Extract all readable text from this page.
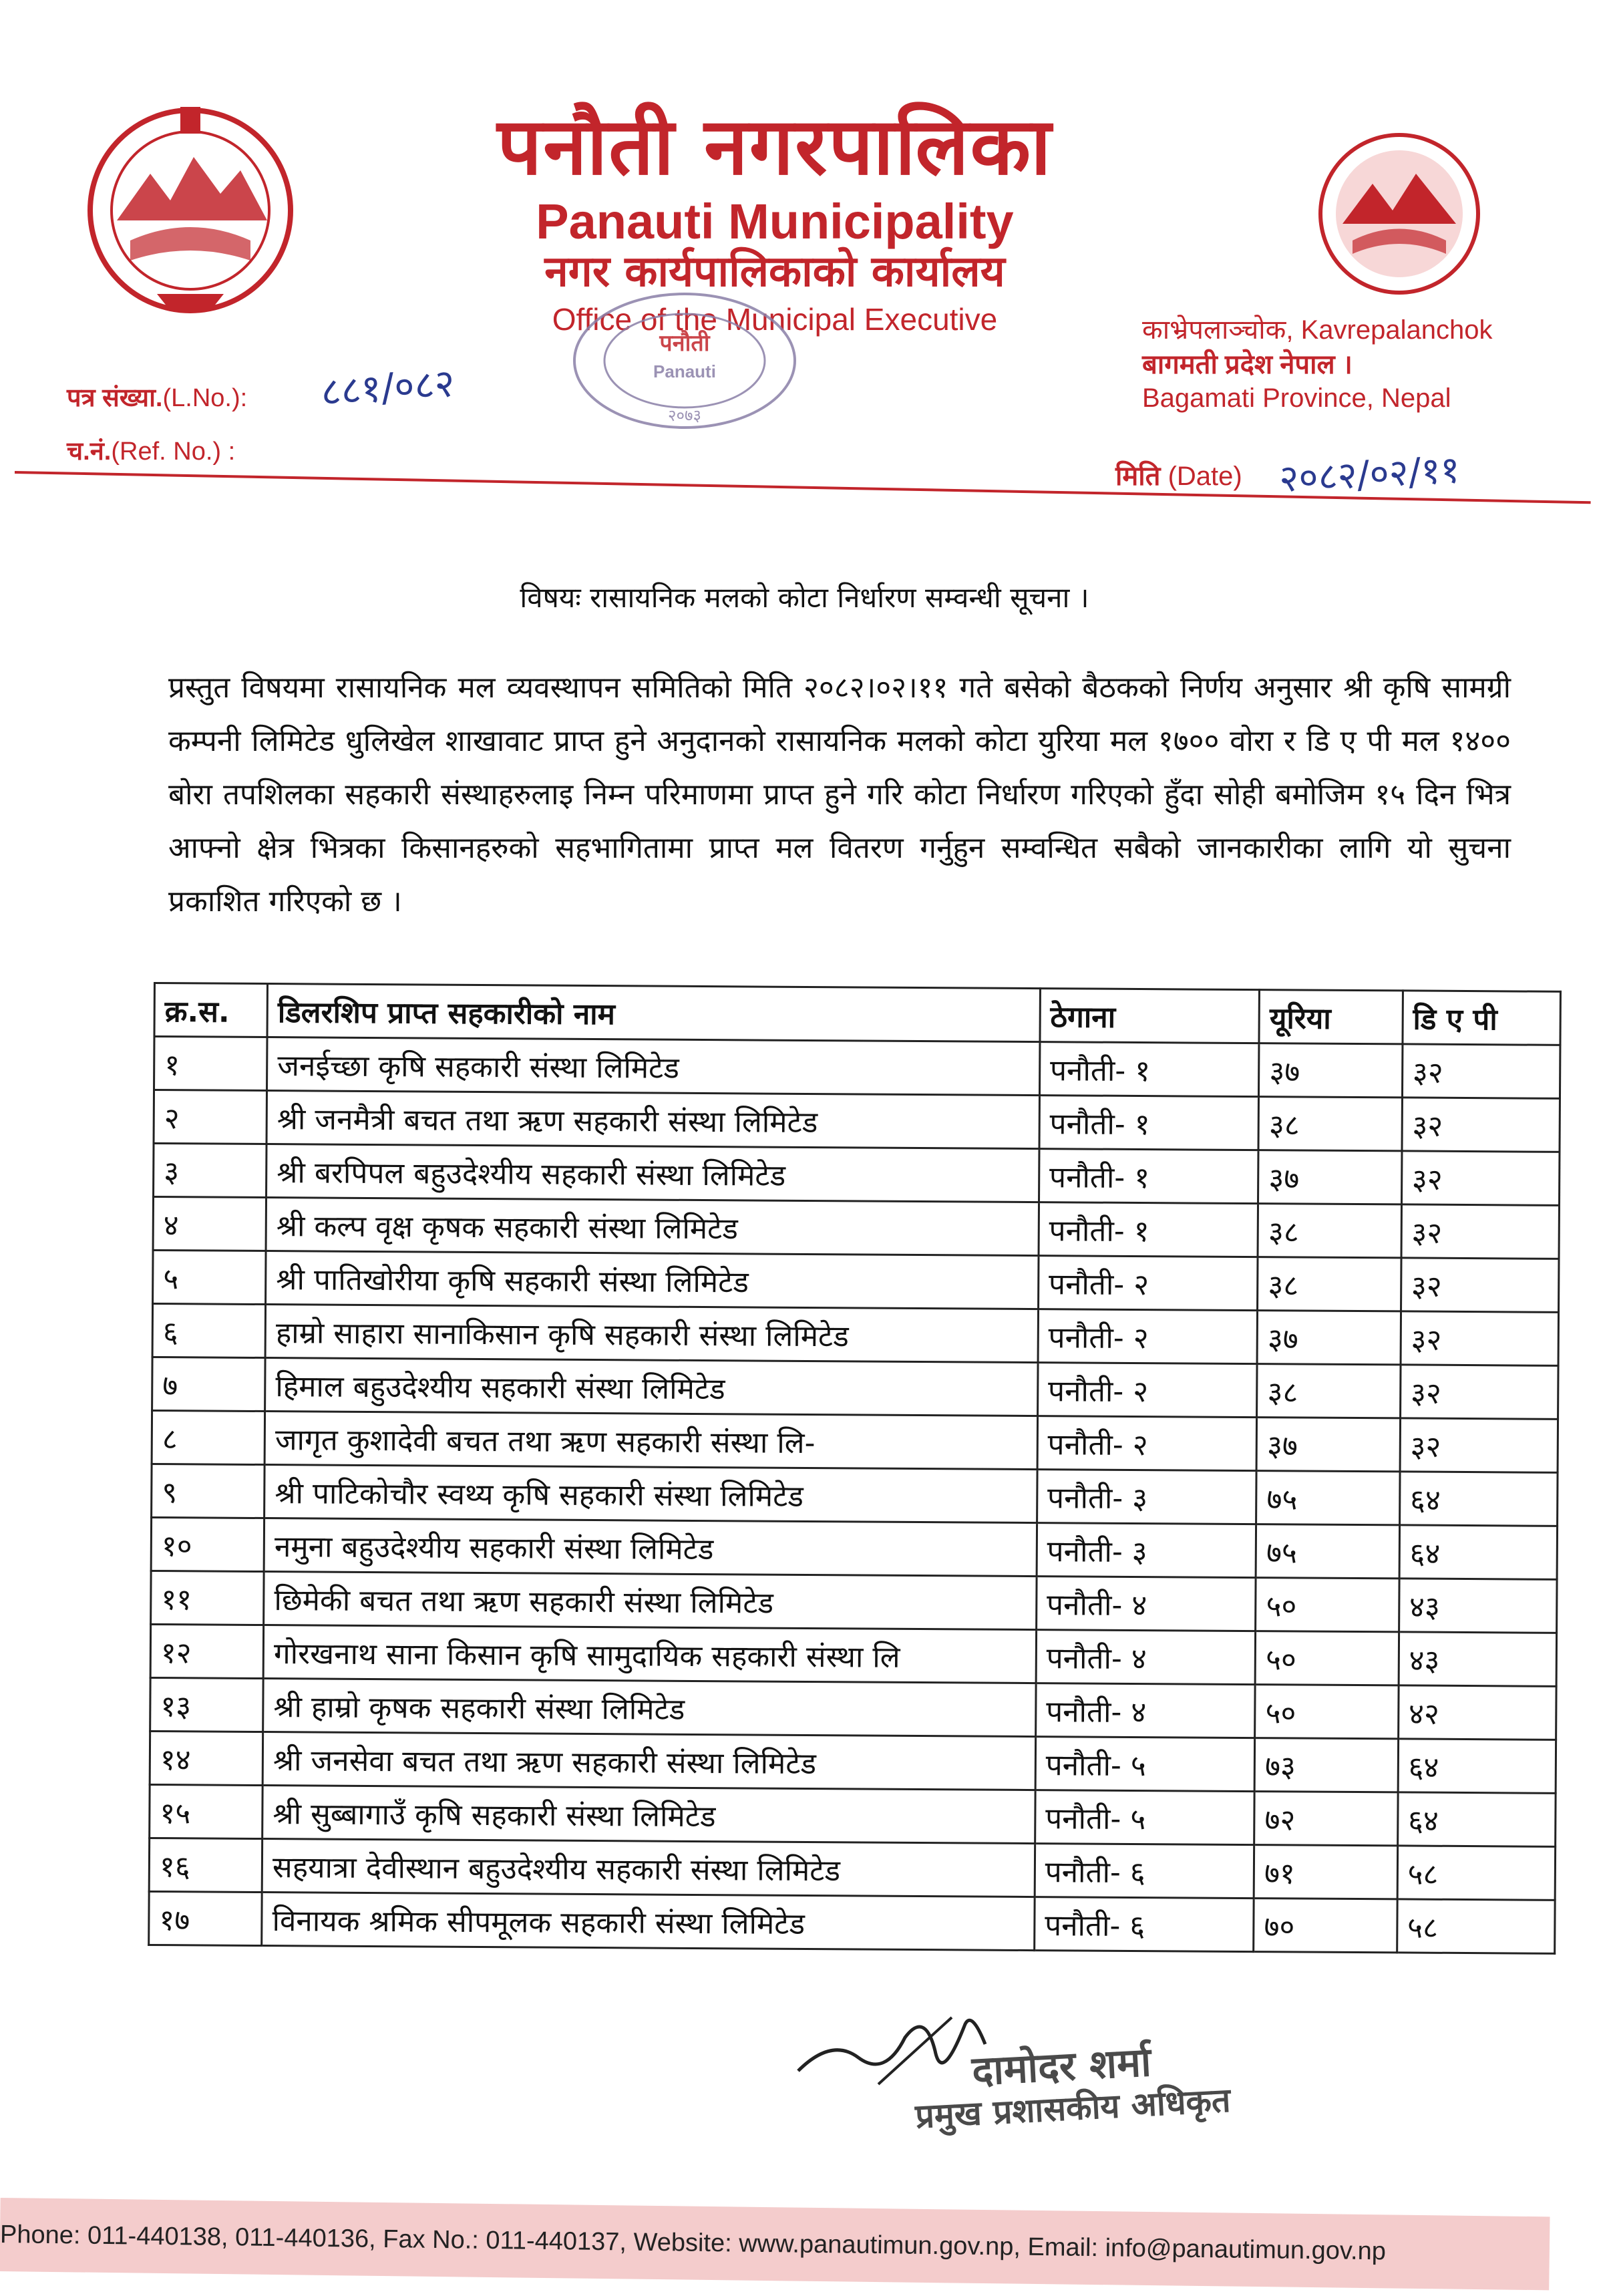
पनौती नगरपालिका
Panauti Municipality
नगर कार्यपालिकाको कार्यालय
Office of the Municipal Executive	काभ्रेपलाञ्चोक, Kavrepalanchok
बागमती प्रदेश नेपाल ।
Bagamati Province, Nepal
पत्र संख्या.(L.No.): ८८१/०८२
च.नं.(Ref. No.) :
मिति (Date) २०८२/०२/११
पनौती
Panauti
२०७३
विषयः रासायनिक मलको कोटा निर्धारण सम्वन्धी सूचना ।
प्रस्तुत विषयमा रासायनिक मल व्यवस्थापन समितिको मिति २०८२।०२।११ गते बसेको बैठकको निर्णय अनुसार श्री कृषि सामग्री कम्पनी लिमिटेड धुलिखेल शाखावाट प्राप्त हुने अनुदानको रासायनिक मलको कोटा युरिया मल १७०० वोरा र डि ए पी मल १४०० बोरा तपशिलका सहकारी संस्थाहरुलाइ निम्न परिमाणमा प्राप्त हुने गरि कोटा निर्धारण गरिएको हुँदा सोही बमोजिम १५ दिन भित्र आफ्नो क्षेत्र भित्रका किसानहरुको सहभागितामा प्राप्त मल वितरण गर्नुहुन सम्वन्धित सबैको जानकारीका लागि यो सुचना प्रकाशित गरिएको छ ।
क्र.स.	डिलरशिप प्राप्त सहकारीको नाम	ठेगाना	यूरिया	डि ए पी
१	जनईच्छा कृषि सहकारी संस्था लिमिटेड	पनौती- १	३७	३२
२	श्री जनमैत्री बचत तथा ऋण सहकारी संस्था लिमिटेड	पनौती- १	३८	३२
३	श्री बरपिपल बहुउदेश्यीय सहकारी संस्था लिमिटेड	पनौती- १	३७	३२
४	श्री कल्प वृक्ष कृषक सहकारी संस्था लिमिटेड	पनौती- १	३८	३२
५	श्री पातिखोरीया कृषि सहकारी संस्था लिमिटेड	पनौती- २	३८	३२
६	हाम्रो साहारा सानाकिसान कृषि सहकारी संस्था लिमिटेड	पनौती- २	३७	३२
७	हिमाल बहुउदेश्यीय सहकारी संस्था लिमिटेड	पनौती- २	३८	३२
८	जागृत कुशादेवी बचत तथा ऋण सहकारी संस्था लि-	पनौती- २	३७	३२
९	श्री पाटिकोचौर स्वथ्य कृषि सहकारी संस्था लिमिटेड	पनौती- ३	७५	६४
१०	नमुना बहुउदेश्यीय सहकारी संस्था लिमिटेड	पनौती- ३	७५	६४
११	छिमेकी बचत तथा ऋण सहकारी संस्था लिमिटेड	पनौती- ४	५०	४३
१२	गोरखनाथ साना किसान कृषि सामुदायिक सहकारी संस्था लि	पनौती- ४	५०	४३
१३	श्री हाम्रो कृषक सहकारी संस्था लिमिटेड	पनौती- ४	५०	४२
१४	श्री जनसेवा बचत तथा ऋण सहकारी संस्था लिमिटेड	पनौती- ५	७३	६४
१५	श्री सुब्बागाउँ कृषि सहकारी संस्था लिमिटेड	पनौती- ५	७२	६४
१६	सहयात्रा देवीस्थान बहुउदेश्यीय सहकारी संस्था लिमिटेड	पनौती- ६	७१	५८
१७	विनायक श्रमिक सीपमूलक सहकारी संस्था लिमिटेड	पनौती- ६	७०	५८
दामोदर शर्मा
प्रमुख प्रशासकीय अधिकृत
Phone: 011-440138, 011-440136, Fax No.: 011-440137, Website: www.panautimun.gov.np, Email: info@panautimun.gov.np
